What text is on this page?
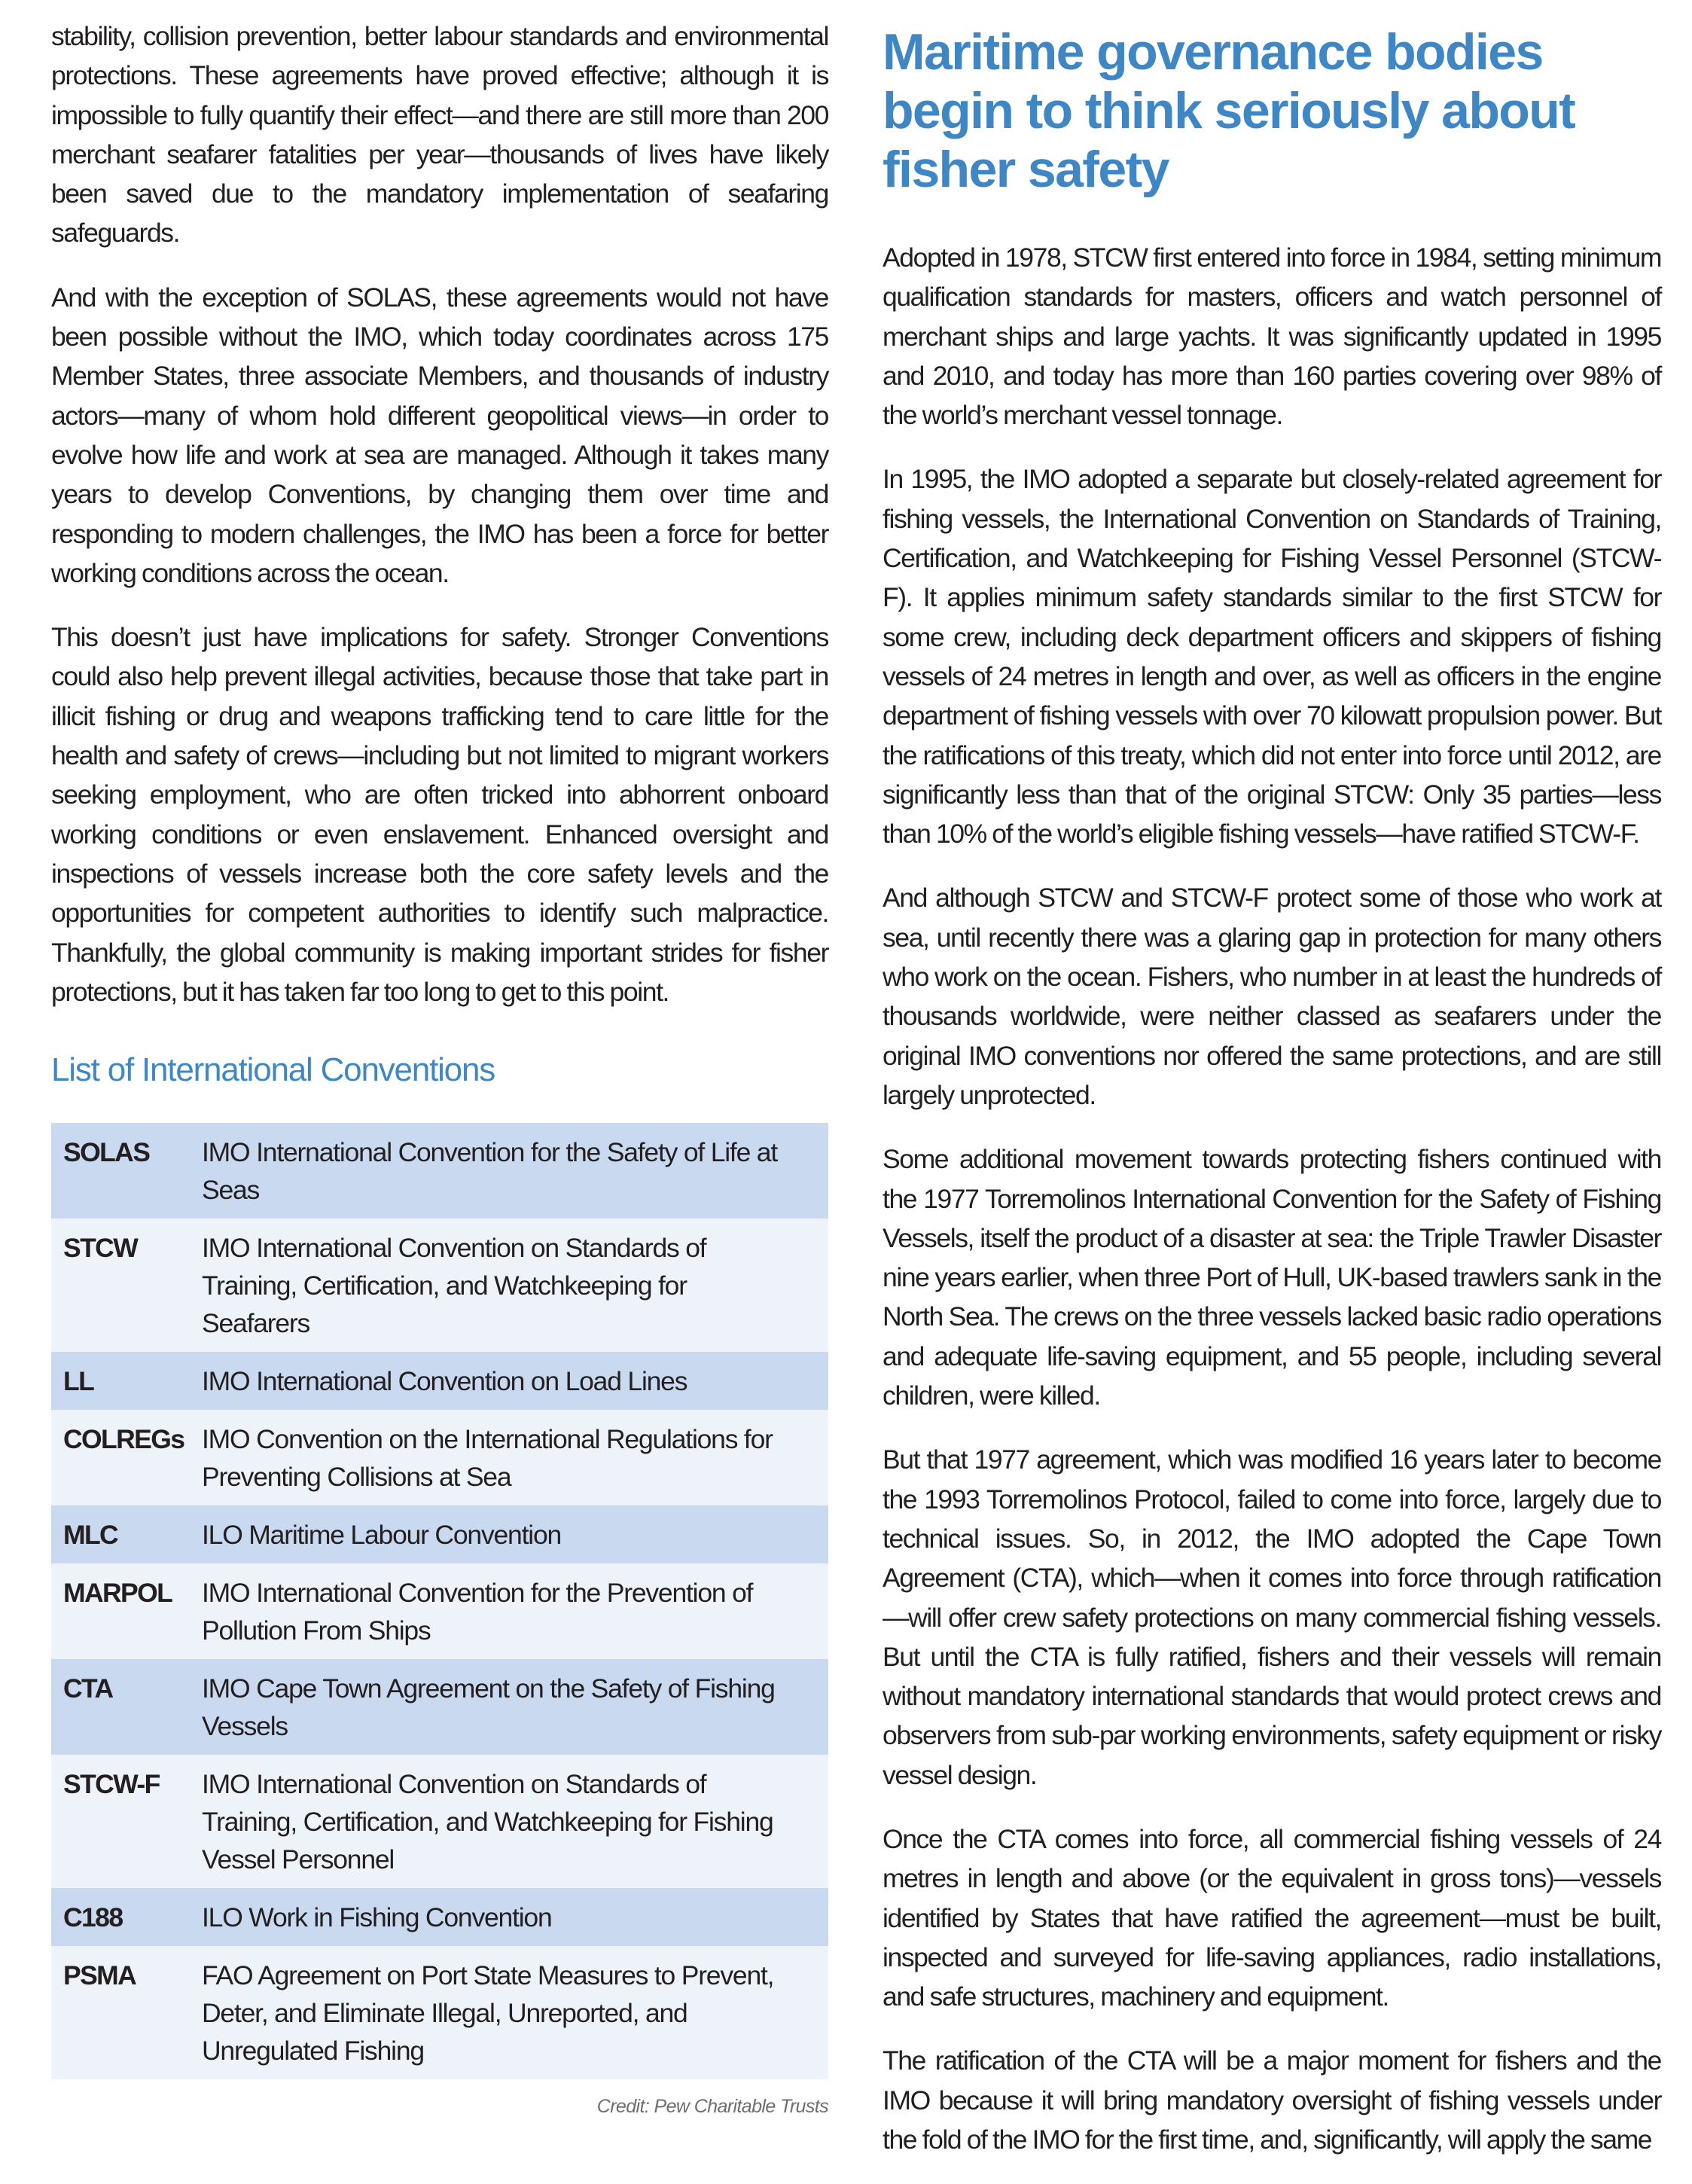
stability, collision prevention, better labour standards and environmental protections. These agreements have proved effective; although it is impossible to fully quantify their effect—and there are still more than 200 merchant seafarer fatalities per year—thousands of lives have likely been saved due to the mandatory implementation of seafaring safeguards.

And with the exception of SOLAS, these agreements would not have been possible without the IMO, which today coordinates across 175 Member States, three associate Members, and thousands of industry actors—many of whom hold different geopolitical views—in order to evolve how life and work at sea are managed. Although it takes many years to develop Conventions, by changing them over time and responding to modern challenges, the IMO has been a force for better working conditions across the ocean.

This doesn’t just have implications for safety. Stronger Conventions could also help prevent illegal activities, because those that take part in illicit fishing or drug and weapons trafficking tend to care little for the health and safety of crews—including but not limited to migrant workers seeking employment, who are often tricked into abhorrent onboard working conditions or even enslavement. Enhanced oversight and inspections of vessels increase both the core safety levels and the opportunities for competent authorities to identify such malpractice. Thankfully, the global community is making important strides for fisher protections, but it has taken far too long to get to this point.

List of International Conventions
SOLAS	IMO International Convention for the Safety of Life at Seas
STCW	IMO International Convention on Standards of Training, Certification, and Watchkeeping for Seafarers
LL	IMO International Convention on Load Lines
COLREGs	IMO Convention on the International Regulations for Preventing Collisions at Sea
MLC	ILO Maritime Labour Convention
MARPOL	IMO International Convention for the Prevention of Pollution From Ships
CTA	IMO Cape Town Agreement on the Safety of Fishing Vessels
STCW-F	IMO International Convention on Standards of Training, Certification, and Watchkeeping for Fishing Vessel Personnel
C188	ILO Work in Fishing Convention
PSMA	FAO Agreement on Port State Measures to Prevent, Deter, and Eliminate Illegal, Unreported, and Unregulated Fishing
Credit: Pew Charitable Trusts
Maritime governance bodies begin to think seriously about fisher safety

Adopted in 1978, STCW first entered into force in 1984, setting minimum qualification standards for masters, officers and watch personnel of merchant ships and large yachts. It was significantly updated in 1995 and 2010, and today has more than 160 parties covering over 98% of the world’s merchant vessel tonnage.

In 1995, the IMO adopted a separate but closely-related agreement for fishing vessels, the International Convention on Standards of Training, Certification, and Watchkeeping for Fishing Vessel Personnel (STCW-F). It applies minimum safety standards similar to the first STCW for some crew, including deck department officers and skippers of fishing vessels of 24 metres in length and over, as well as officers in the engine department of fishing vessels with over 70 kilowatt propulsion power. But the ratifications of this treaty, which did not enter into force until 2012, are significantly less than that of the original STCW: Only 35 parties—less than 10% of the world’s eligible fishing vessels—have ratified STCW-F.

And although STCW and STCW-F protect some of those who work at sea, until recently there was a glaring gap in protection for many others who work on the ocean. Fishers, who number in at least the hundreds of thousands worldwide, were neither classed as seafarers under the original IMO conventions nor offered the same protections, and are still largely unprotected.

Some additional movement towards protecting fishers continued with the 1977 Torremolinos International Convention for the Safety of Fishing Vessels, itself the product of a disaster at sea: the Triple Trawler Disaster nine years earlier, when three Port of Hull, UK-based trawlers sank in the North Sea. The crews on the three vessels lacked basic radio operations and adequate life-saving equipment, and 55 people, including several children, were killed.

But that 1977 agreement, which was modified 16 years later to become the 1993 Torremolinos Protocol, failed to come into force, largely due to technical issues. So, in 2012, the IMO adopted the Cape Town Agreement (CTA), which—when it comes into force through ratification—will offer crew safety protections on many commercial fishing vessels. But until the CTA is fully ratified, fishers and their vessels will remain without mandatory international standards that would protect crews and observers from sub-par working environments, safety equipment or risky vessel design.

Once the CTA comes into force, all commercial fishing vessels of 24 metres in length and above (or the equivalent in gross tons)—vessels identified by States that have ratified the agreement—must be built, inspected and surveyed for life-saving appliances, radio installations, and safe structures, machinery and equipment.

The ratification of the CTA will be a major moment for fishers and the IMO because it will bring mandatory oversight of fishing vessels under the fold of the IMO for the first time, and, significantly, will apply the same
